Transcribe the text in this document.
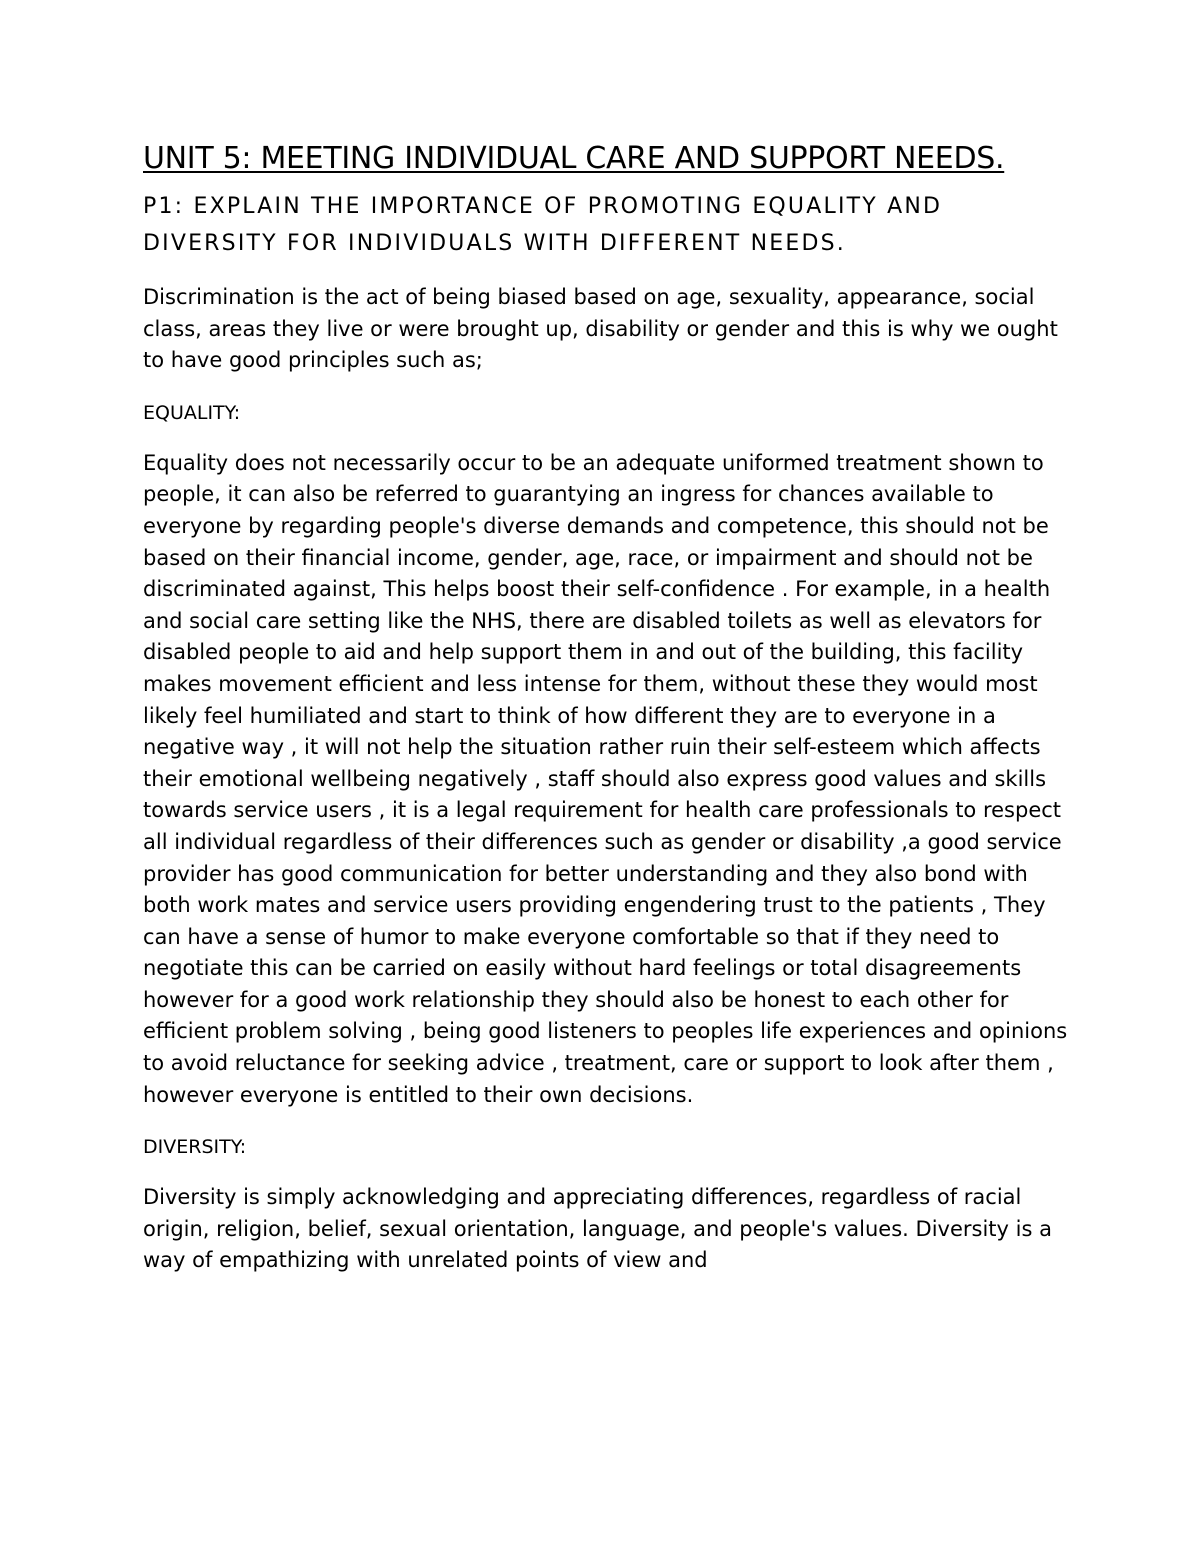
UNIT 5: MEETING INDIVIDUAL CARE AND SUPPORT NEEDS.
P1: EXPLAIN THE IMPORTANCE OF PROMOTING EQUALITY AND DIVERSITY FOR INDIVIDUALS WITH DIFFERENT NEEDS.

Discrimination is the act of being biased based on age, sexuality, appearance, social class, areas they live or were brought up, disability or gender and this is why we ought to have good principles such as;

EQUALITY:

Equality does not necessarily occur to be an adequate uniformed treatment shown to people, it can also be referred to guarantying an ingress for chances available to everyone by regarding people's diverse demands and competence, this should not be based on their financial income, gender, age, race, or impairment and should not be discriminated against, This helps boost their self-confidence . For example, in a health and social care setting like the NHS, there are disabled toilets as well as elevators for disabled people to aid and help support them in and out of the building, this facility makes movement efficient and less intense for them, without these they would most likely feel humiliated and start to think of how different they are to everyone in a negative way , it will not help the situation rather ruin their self-esteem which affects their emotional wellbeing negatively , staff should also express good values and skills towards service users , it is a legal requirement for health care professionals to respect all individual regardless of their differences such as gender or disability ,a good service provider has good communication for better understanding and they also bond with both work mates and service users providing engendering trust to the patients , They can have a sense of humor to make everyone comfortable so that if they need to negotiate this can be carried on easily without hard feelings or total disagreements however for a good work relationship they should also be honest to each other for efficient problem solving , being good listeners to peoples life experiences and opinions to avoid reluctance for seeking advice , treatment, care or support to look after them , however everyone is entitled to their own decisions.

DIVERSITY:

Diversity is simply acknowledging and appreciating differences, regardless of racial origin, religion, belief, sexual orientation, language, and people's values. Diversity is a way of empathizing with unrelated points of view and
